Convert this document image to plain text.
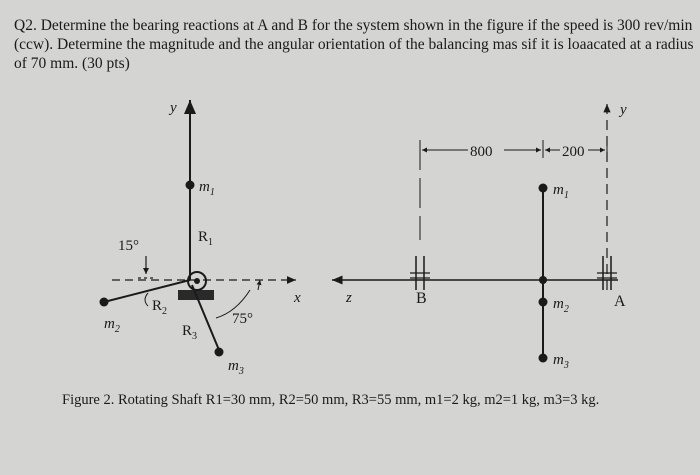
Q2. Determine the bearing reactions at A and B for the system shown in the figure if the speed is 300 rev/min (ccw). Determine the magnitude and the angular orientation of the balancing mas sif it is loaacated at a radius of 70 mm. (30 pts)

y
x
15°
$m_2$
$R_2$
$m_1$
$R_1$
$m_3$
$R_3$
75°
z
y
800	200
B	A
$m_1$
$m_2$
$m_3$
Figure 2. Rotating Shaft R1=30 mm, R2=50 mm, R3=55 mm, m1=2 kg, m2=1 kg, m3=3 kg.
